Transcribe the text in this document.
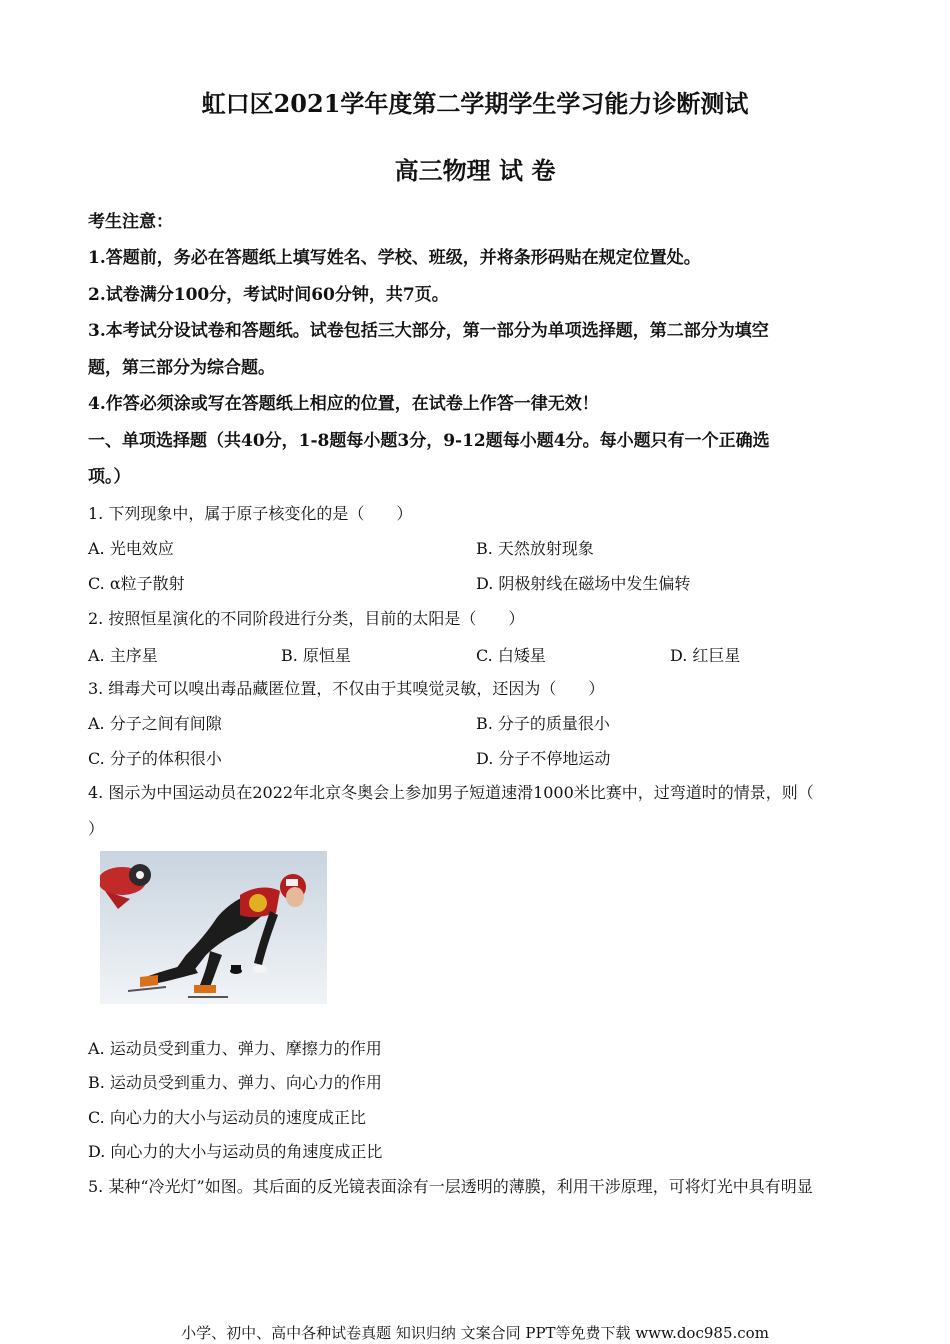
虹口区2021学年度第二学期学生学习能力诊断测试
高三物理 试 卷
考生注意：
1.答题前，务必在答题纸上填写姓名、学校、班级，并将条形码贴在规定位置处。
2.试卷满分100分，考试时间60分钟，共7页。
3.本考试分设试卷和答题纸。试卷包括三大部分，第一部分为单项选择题，第二部分为填空
题，第三部分为综合题。
4.作答必须涂或写在答题纸上相应的位置，在试卷上作答一律无效！
一、单项选择题（共40分，1-8题每小题3分，9-12题每小题4分。每小题只有一个正确选
项。）
1. 下列现象中，属于原子核变化的是（　　）
A. 光电效应	B. 天然放射现象
C. α粒子散射	D. 阴极射线在磁场中发生偏转
2. 按照恒星演化的不同阶段进行分类，目前的太阳是（　　）
A. 主序星	B. 原恒星	C. 白矮星	D. 红巨星
3. 缉毒犬可以嗅出毒品藏匿位置，不仅由于其嗅觉灵敏，还因为（　　）
A. 分子之间有间隙	B. 分子的质量很小
C. 分子的体积很小	D. 分子不停地运动
4. 图示为中国运动员在2022年北京冬奥会上参加男子短道速滑1000米比赛中，过弯道时的情景，则（
）
A. 运动员受到重力、弹力、摩擦力的作用
B. 运动员受到重力、弹力、向心力的作用
C. 向心力的大小与运动员的速度成正比
D. 向心力的大小与运动员的角速度成正比
5. 某种“冷光灯”如图。其后面的反光镜表面涂有一层透明的薄膜，利用干涉原理，可将灯光中具有明显
小学、初中、高中各种试卷真题 知识归纳 文案合同 PPT等免费下载 www.doc985.com
